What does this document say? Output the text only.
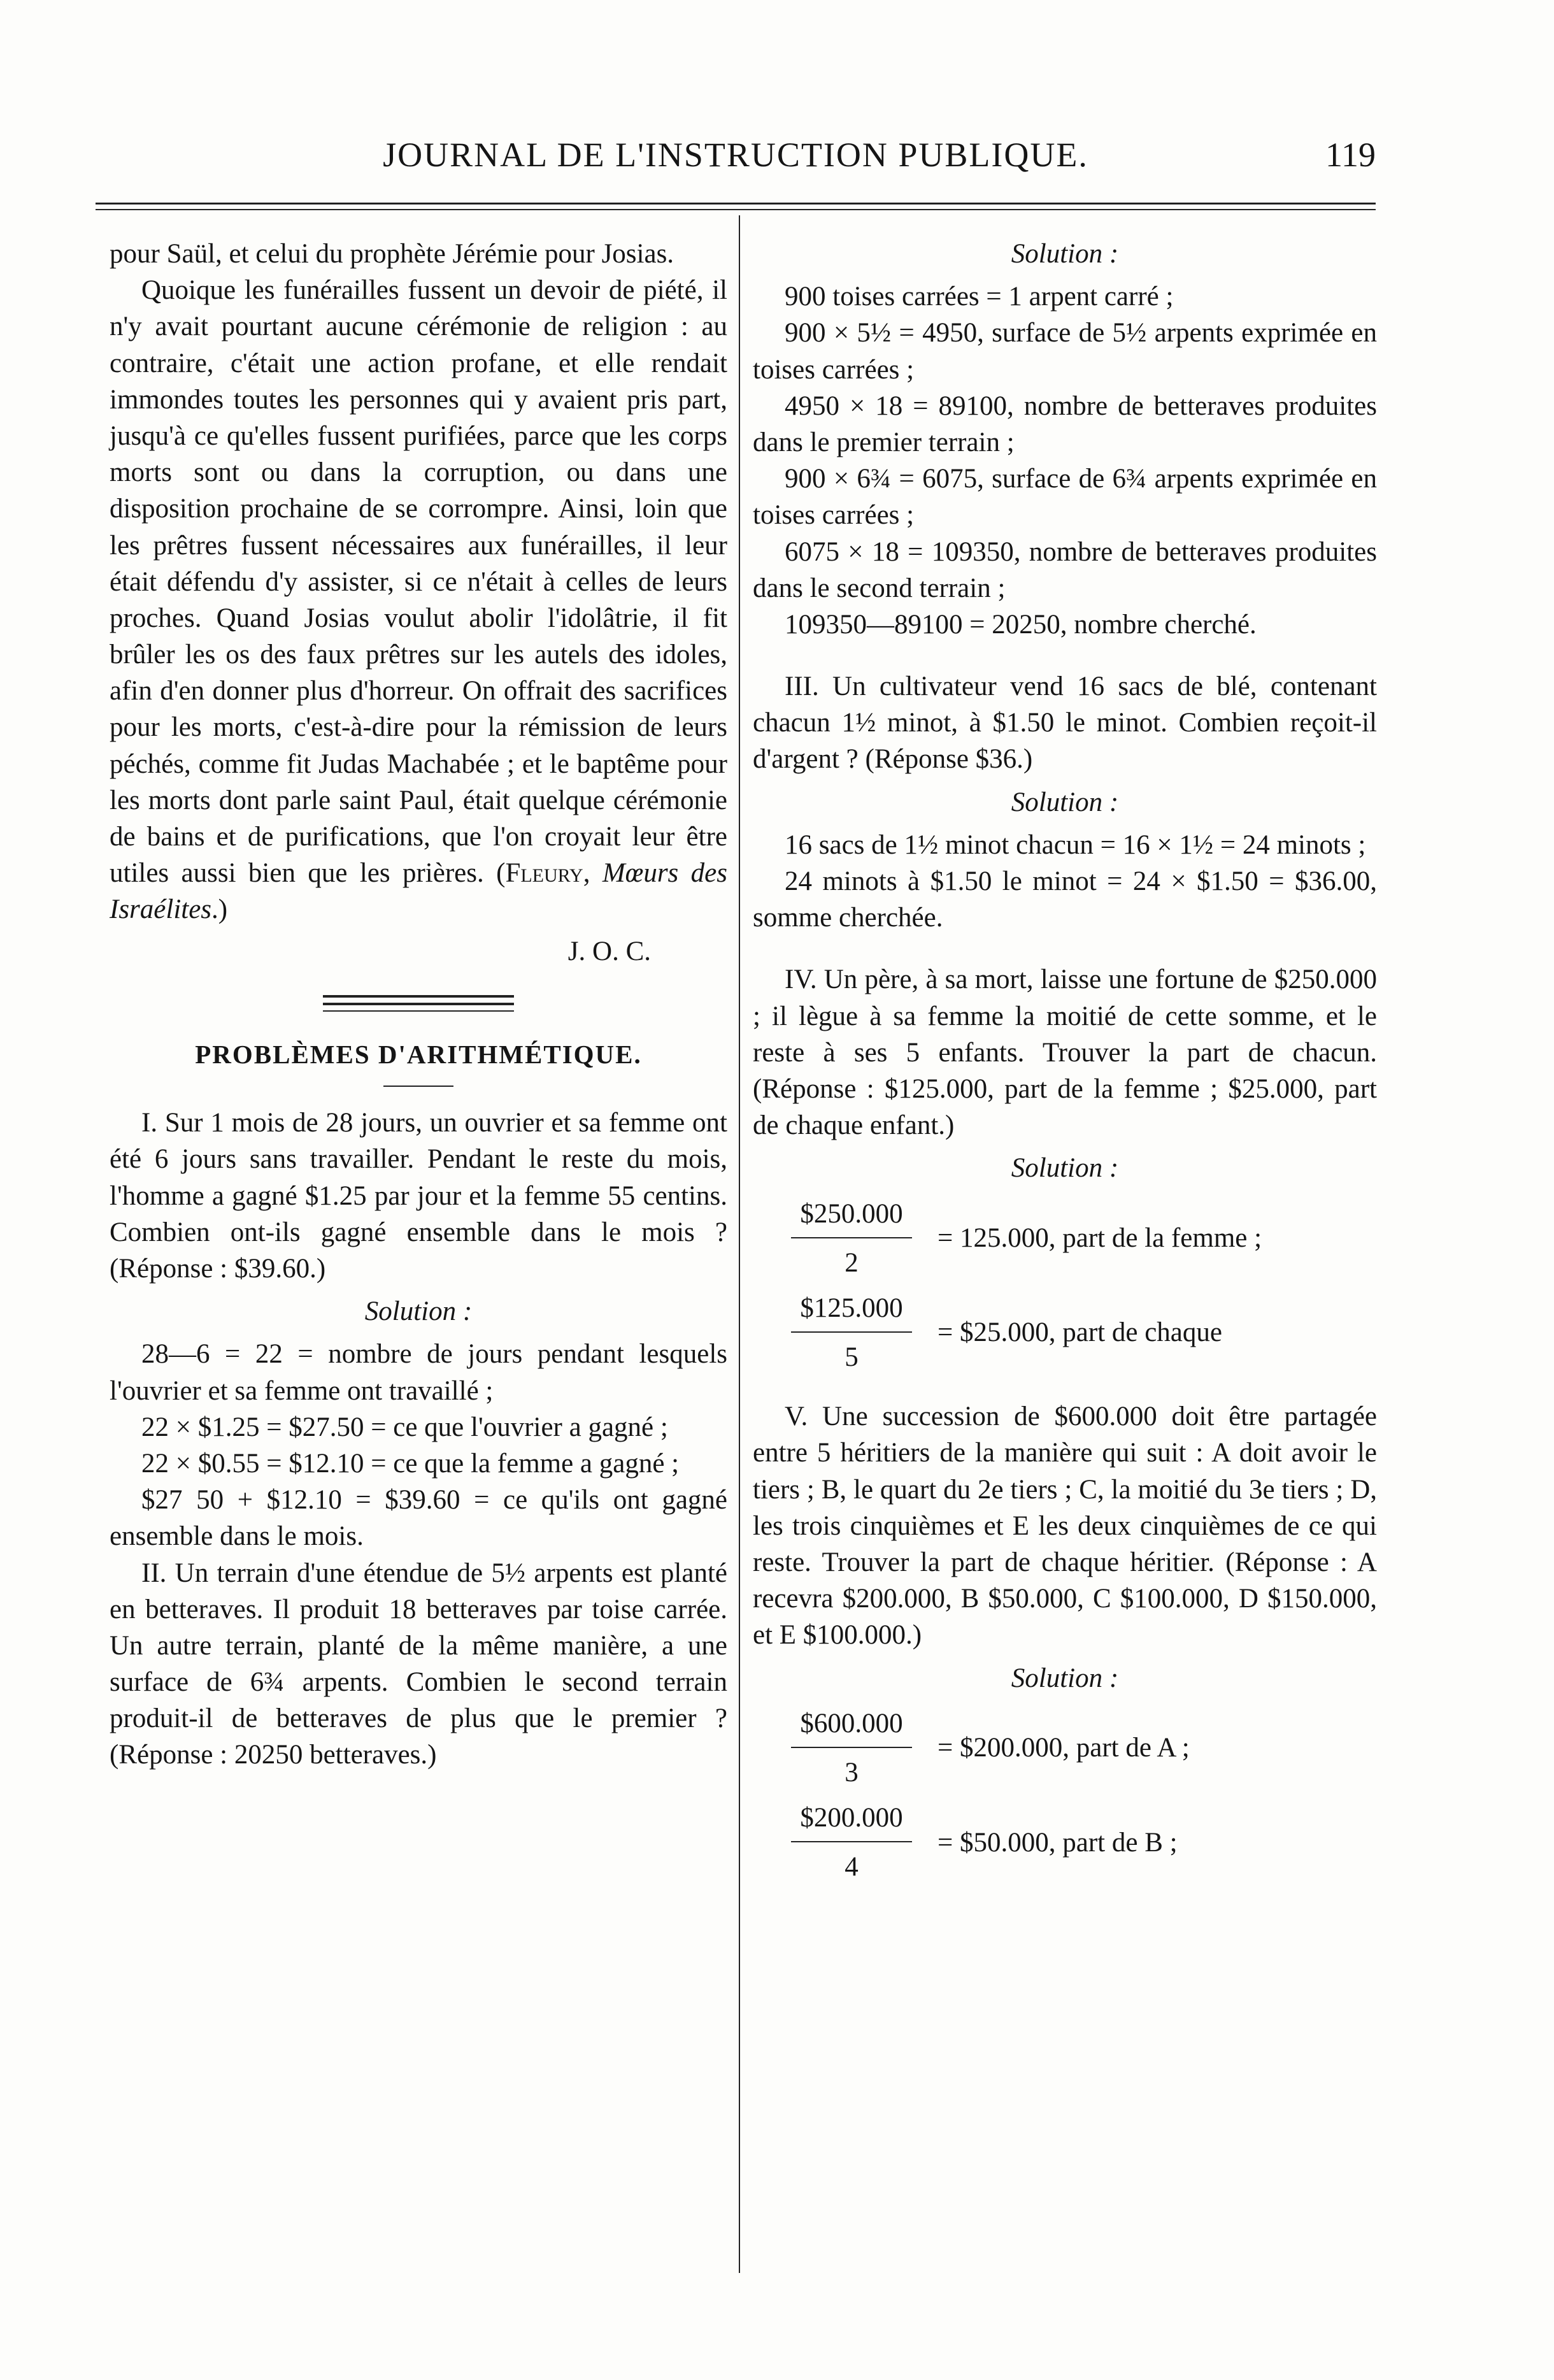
JOURNAL DE L'INSTRUCTION PUBLIQUE.	119

pour Saül, et celui du prophète Jérémie pour Josias.

Quoique les funérailles fussent un devoir de piété, il n'y avait pourtant aucune cérémonie de religion : au contraire, c'était une action profane, et elle rendait immondes toutes les personnes qui y avaient pris part, jusqu'à ce qu'elles fussent purifiées, parce que les corps morts sont ou dans la corruption, ou dans une disposition prochaine de se corrompre. Ainsi, loin que les prêtres fussent nécessaires aux funérailles, il leur était défendu d'y assister, si ce n'était à celles de leurs proches. Quand Josias voulut abolir l'idolâtrie, il fit brûler les os des faux prêtres sur les autels des idoles, afin d'en donner plus d'horreur. On offrait des sacrifices pour les morts, c'est-à-dire pour la rémission de leurs péchés, comme fit Judas Machabée ; et le baptême pour les morts dont parle saint Paul, était quelque cérémonie de bains et de purifications, que l'on croyait leur être utiles aussi bien que les prières. (Fleury, Mœurs des Israélites.)

J. O. C.
PROBLÈMES D'ARITHMÉTIQUE.

I. Sur 1 mois de 28 jours, un ouvrier et sa femme ont été 6 jours sans travailler. Pendant le reste du mois, l'homme a gagné $1.25 par jour et la femme 55 centins. Combien ont-ils gagné ensemble dans le mois ? (Réponse : $39.60.)

Solution :

28—6 = 22 = nombre de jours pendant lesquels l'ouvrier et sa femme ont travaillé ;

22 × $1.25 = $27.50 = ce que l'ouvrier a gagné ;

22 × $0.55 = $12.10 = ce que la femme a gagné ;

$27 50 + $12.10 = $39.60 = ce qu'ils ont gagné ensemble dans le mois.

II. Un terrain d'une étendue de 5½ arpents est planté en betteraves. Il produit 18 betteraves par toise carrée. Un autre terrain, planté de la même manière, a une surface de 6¾ arpents. Combien le second terrain produit-il de betteraves de plus que le premier ? (Réponse : 20250 betteraves.)

Solution :

900 toises carrées = 1 arpent carré ;

900 × 5½ = 4950, surface de 5½ arpents exprimée en toises carrées ;

4950 × 18 = 89100, nombre de betteraves produites dans le premier terrain ;

900 × 6¾ = 6075, surface de 6¾ arpents exprimée en toises carrées ;

6075 × 18 = 109350, nombre de betteraves produites dans le second terrain ;

109350—89100 = 20250, nombre cherché.

III. Un cultivateur vend 16 sacs de blé, contenant chacun 1½ minot, à $1.50 le minot. Combien reçoit-il d'argent ? (Réponse $36.)

Solution :

16 sacs de 1½ minot chacun = 16 × 1½ = 24 minots ;

24 minots à $1.50 le minot = 24 × $1.50 = $36.00, somme cherchée.

IV. Un père, à sa mort, laisse une fortune de $250.000 ; il lègue à sa femme la moitié de cette somme, et le reste à ses 5 enfants. Trouver la part de chacun. (Réponse : $125.000, part de la femme ; $25.000, part de chaque enfant.)

Solution :
$\frac{\$250.000}{2} = 125.000$, part de la femme ;
$\frac{\$125.000}{5}$ = $25.000, part de chaque

V. Une succession de $600.000 doit être partagée entre 5 héritiers de la manière qui suit : A doit avoir le tiers ; B, le quart du 2e tiers ; C, la moitié du 3e tiers ; D, les trois cinquièmes et E les deux cinquièmes de ce qui reste. Trouver la part de chaque héritier. (Réponse : A recevra $200.000, B $50.000, C $100.000, D $150.000, et E $100.000.)

Solution :
$\frac{\$600.000}{3}$ = $200.000, part de A ;
$\frac{\$200.000}{4}$ = $50.000, part de B ;
